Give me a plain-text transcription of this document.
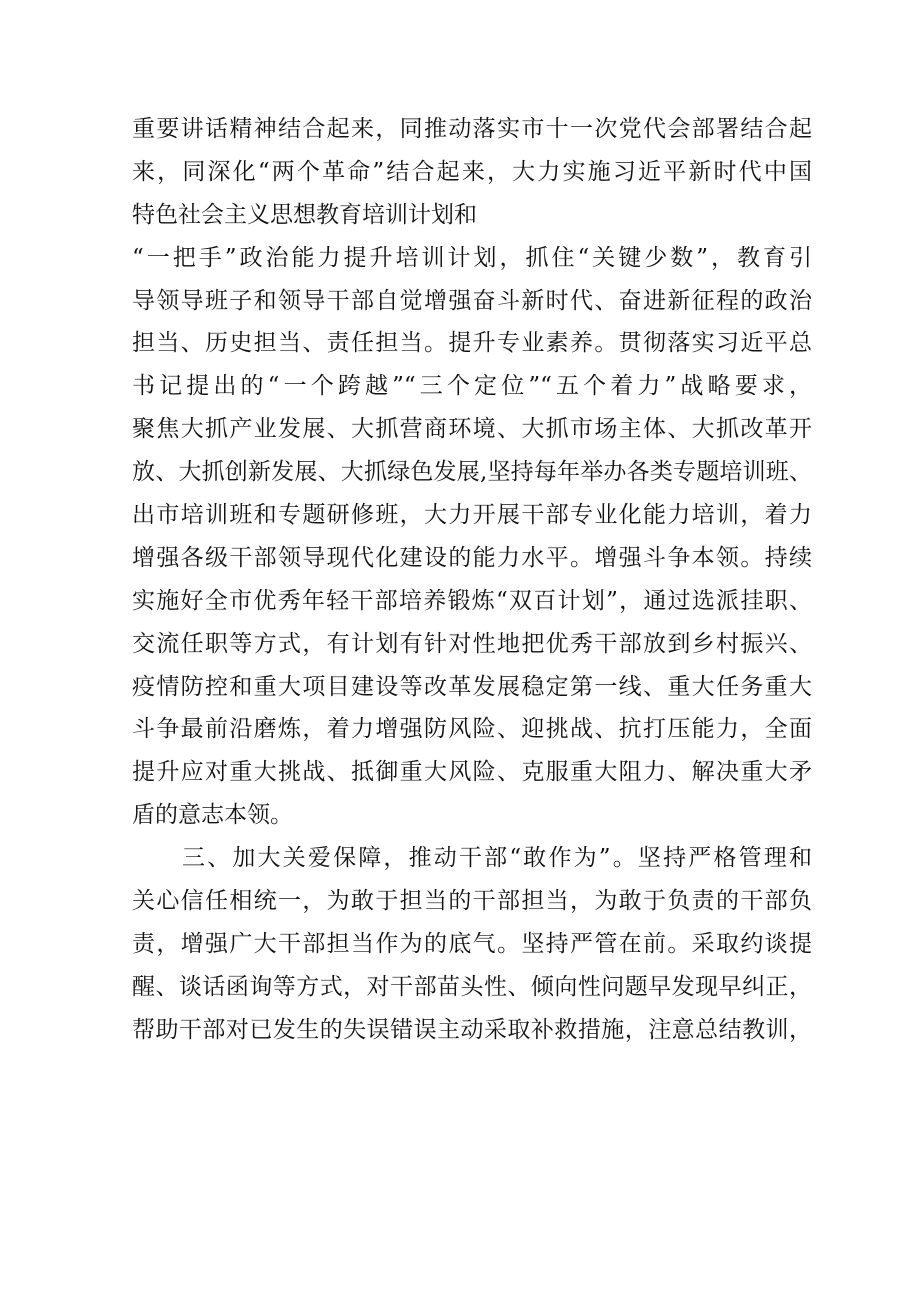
重要讲话精神结合起来，同推动落实市十一次党代会部署结合起
来，同深化“两个革命”结合起来，大力实施习近平新时代中国
特色社会主义思想教育培训计划和
“一把手”政治能力提升培训计划，抓住“关键少数”，教育引
导领导班子和领导干部自觉增强奋斗新时代、奋进新征程的政治
担当、历史担当、责任担当。提升专业素养。贯彻落实习近平总
书记提出的“一个跨越”“三个定位”“五个着力”战略要求，
聚焦大抓产业发展、大抓营商环境、大抓市场主体、大抓改革开
放、大抓创新发展、大抓绿色发展,坚持每年举办各类专题培训班、
出市培训班和专题研修班，大力开展干部专业化能力培训，着力
增强各级干部领导现代化建设的能力水平。增强斗争本领。持续
实施好全市优秀年轻干部培养锻炼“双百计划”，通过选派挂职、
交流任职等方式，有计划有针对性地把优秀干部放到乡村振兴、
疫情防控和重大项目建设等改革发展稳定第一线、重大任务重大
斗争最前沿磨炼，着力增强防风险、迎挑战、抗打压能力，全面
提升应对重大挑战、抵御重大风险、克服重大阻力、解决重大矛
盾的意志本领。
三、加大关爱保障，推动干部“敢作为”。坚持严格管理和
关心信任相统一，为敢于担当的干部担当，为敢于负责的干部负
责，增强广大干部担当作为的底气。坚持严管在前。采取约谈提
醒、谈话函询等方式，对干部苗头性、倾向性问题早发现早纠正，
帮助干部对已发生的失误错误主动采取补救措施，注意总结教训，
